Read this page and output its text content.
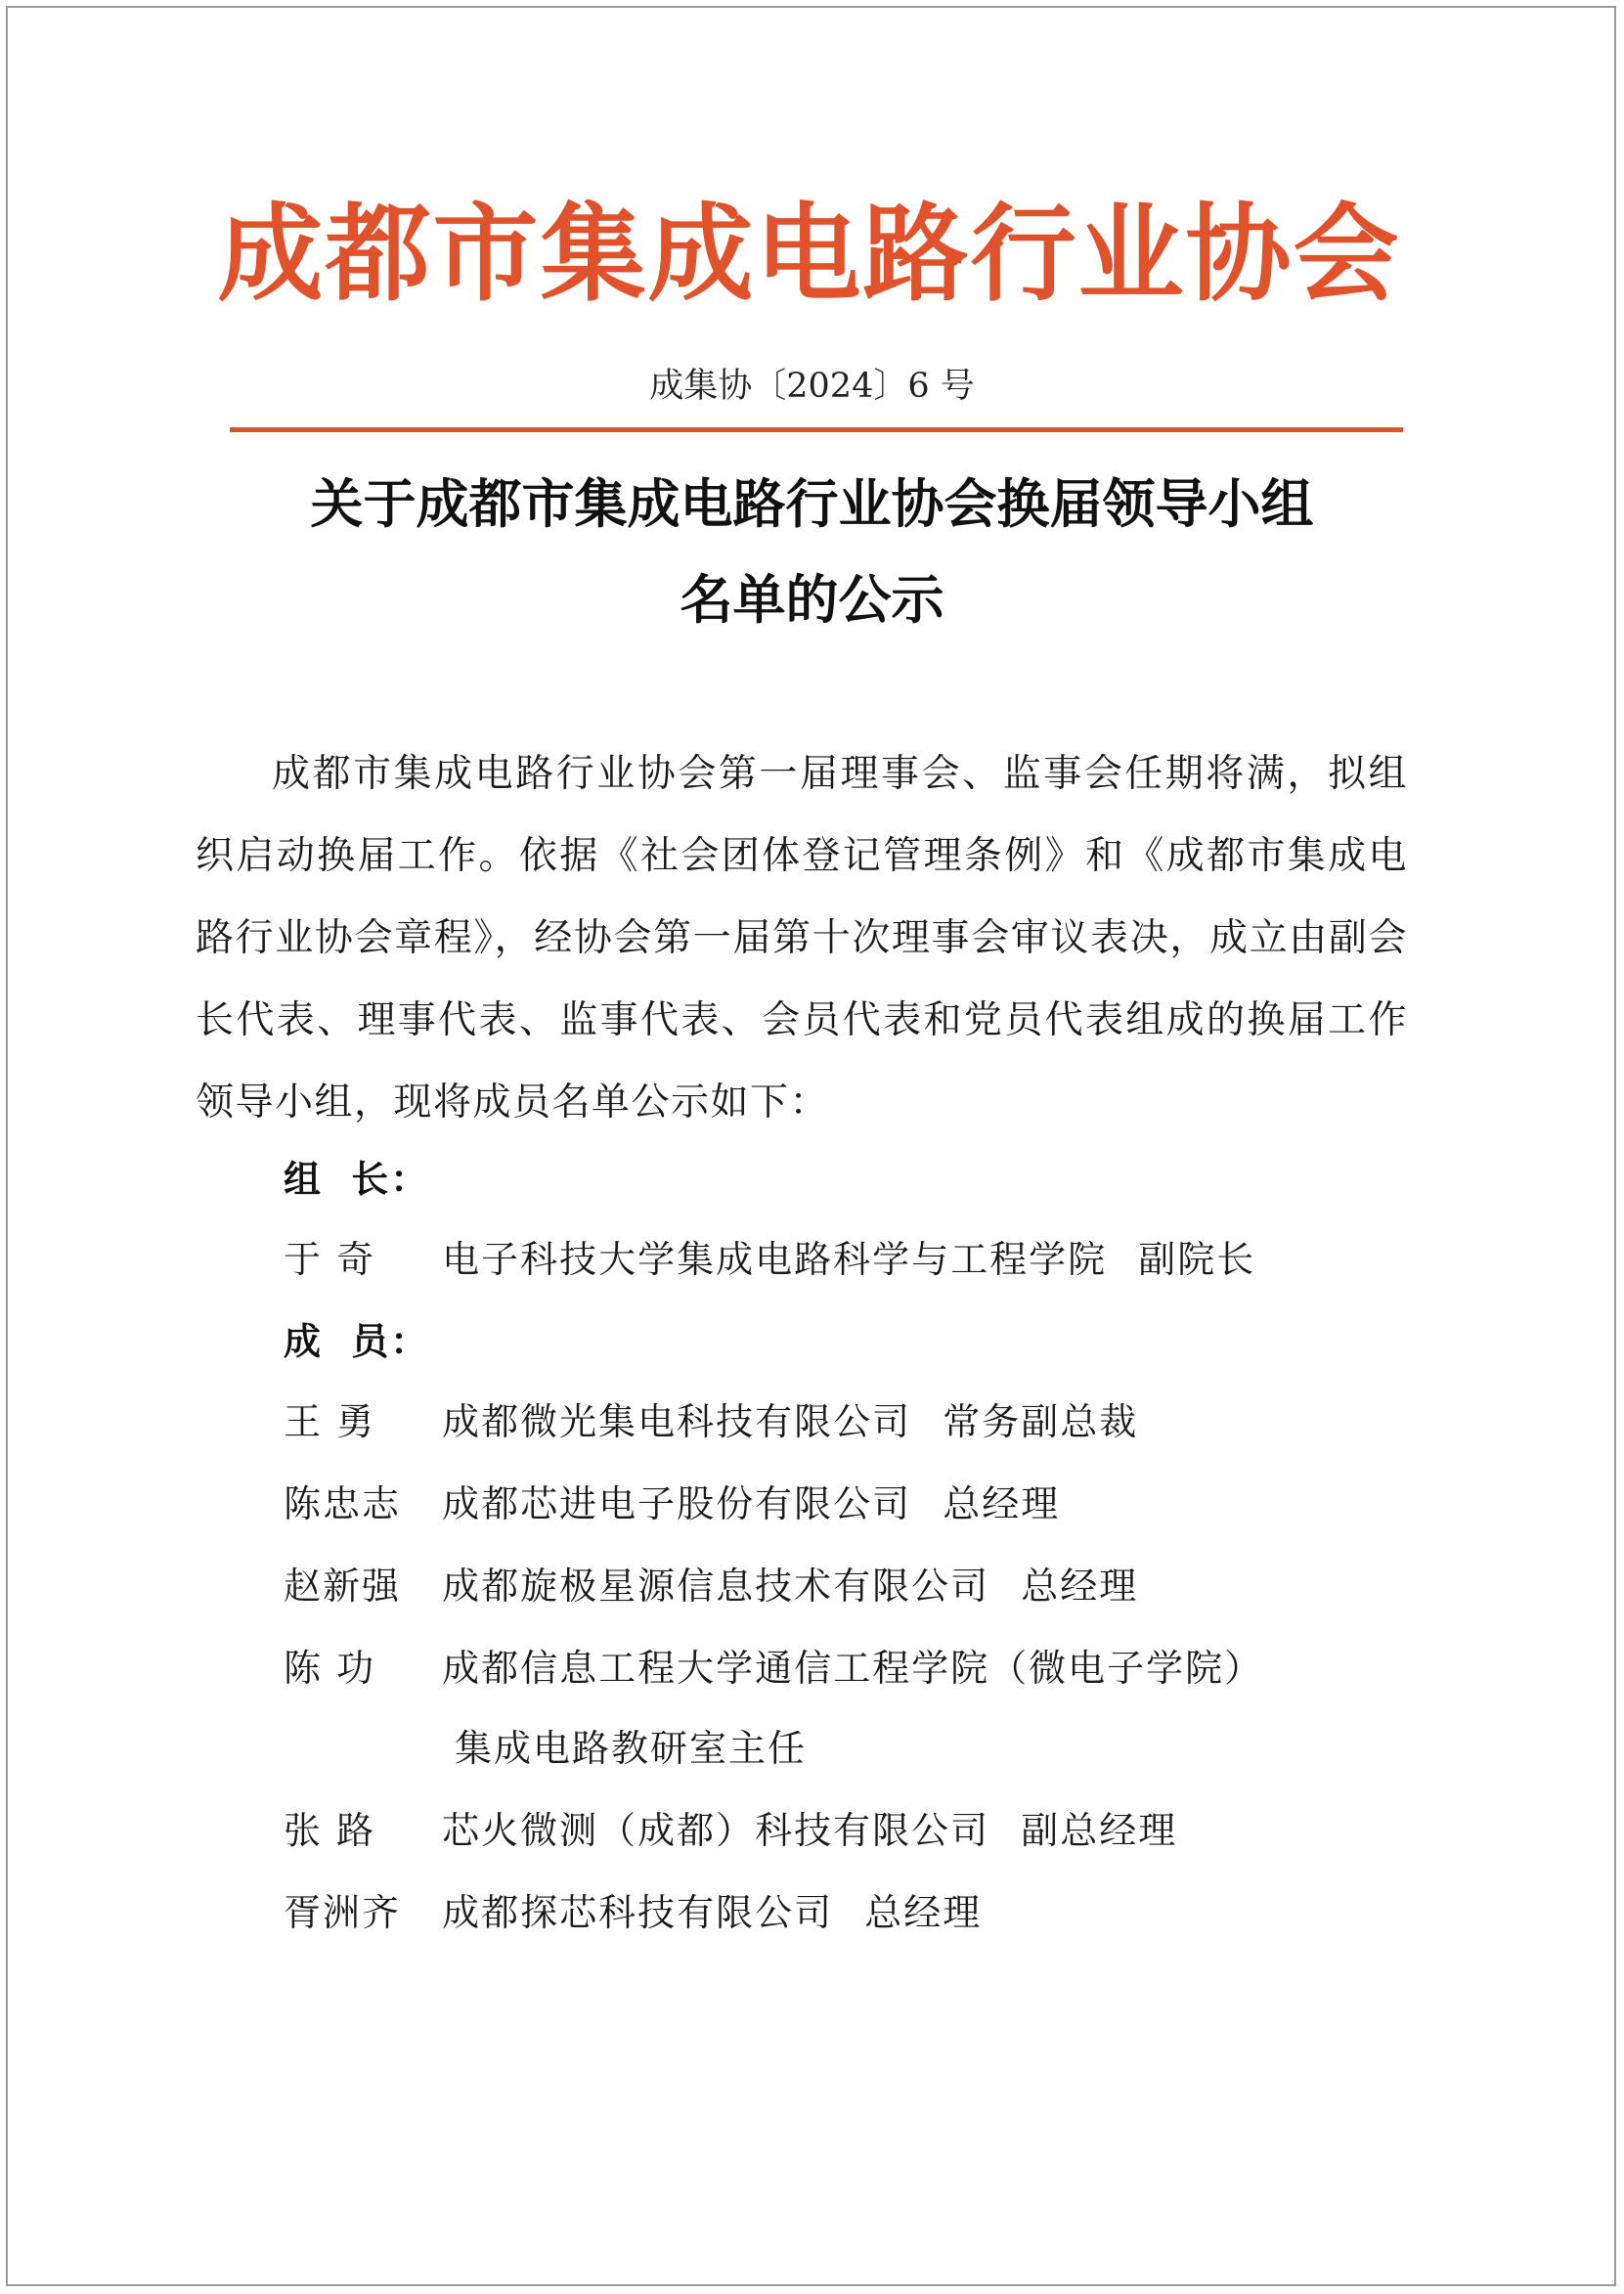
成都市集成电路行业协会
成集协〔2024〕6 号
关于成都市集成电路行业协会换届领导小组
名单的公示
成都市集成电路行业协会第一届理事会、监事会任期将满，拟组织启动换届工作。依据《社会团体登记管理条例》和《成都市集成电路行业协会章程》，经协会第一届第十次理事会审议表决，成立由副会长代表、理事代表、监事代表、会员代表和党员代表组成的换届工作领导小组，现将成员名单公示如下：
组 长：
于 奇 电子科技大学集成电路科学与工程学院 副院长
成 员：
王 勇 成都微光集电科技有限公司 常务副总裁
陈忠志 成都芯进电子股份有限公司 总经理
赵新强 成都旋极星源信息技术有限公司 总经理
陈 功 成都信息工程大学通信工程学院（微电子学院）
集成电路教研室主任
张 路 芯火微测（成都）科技有限公司 副总经理
胥洲齐 成都探芯科技有限公司 总经理
